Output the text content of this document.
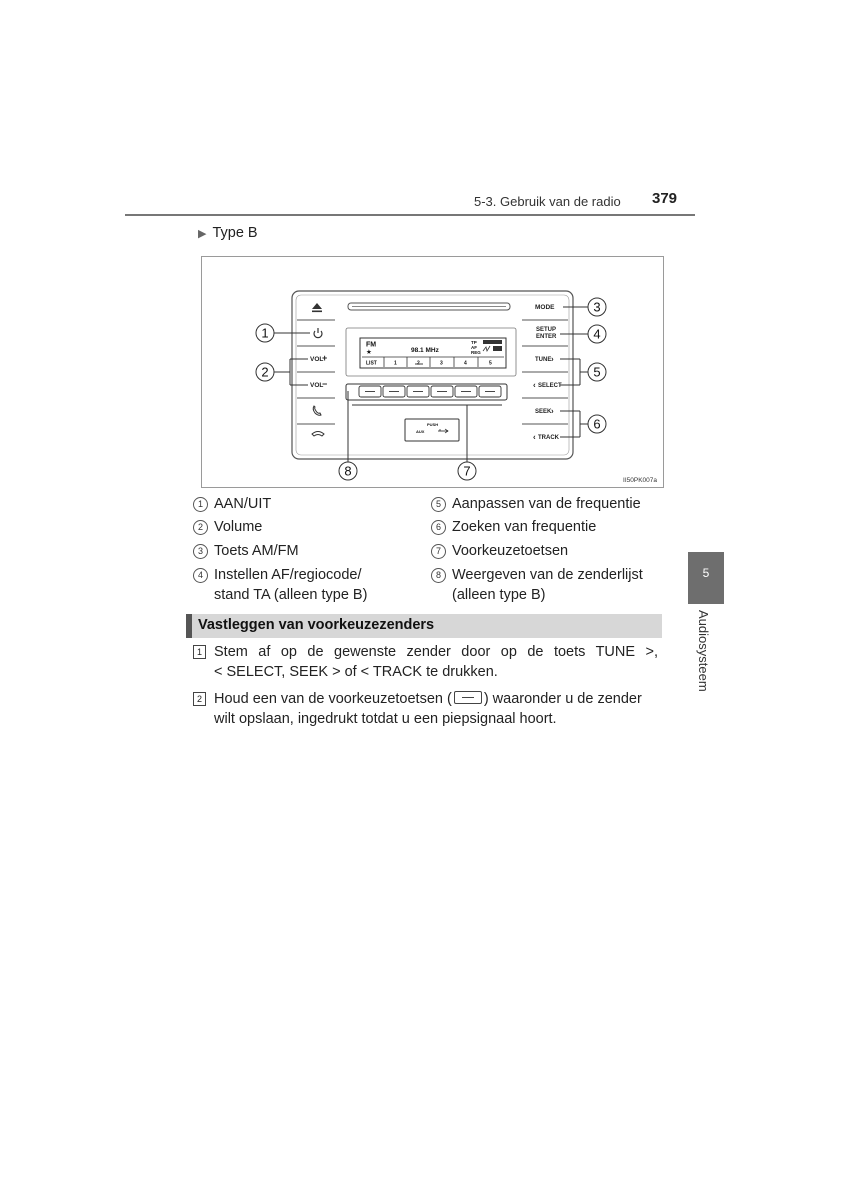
5-3. Gebruik van de radio 379
▶ Type B
VOL
+
VOL
−
MODE
SETUP
ENTER
TUNE ›
‹ SELECT
SEEK ›
‹ TRACK
FM
★	98.1 MHz
TP
AF
REG
LIST	1	2	3	4	5
PUSH
AUX
1
2
3
4
5
6
7
8
II50PK007a
1 AAN/UIT
2 Volume
3 Toets AM/FM
4 Instellen AF/regiocode/
stand TA (alleen type B)
5 Aanpassen van de frequentie
6 Zoeken van frequentie
7 Voorkeuzetoetsen
8 Weergeven van de zenderlijst
(alleen type B)
Vastleggen van voorkeuzezenders
1 Stem af op de gewenste zender door op de toets TUNE >,
< SELECT, SEEK > of < TRACK te drukken.
2 Houd een van de voorkeuzetoetsen ( ) waaronder u de zender
wilt opslaan, ingedrukt totdat u een piepsignaal hoort.
5
Audiosysteem
